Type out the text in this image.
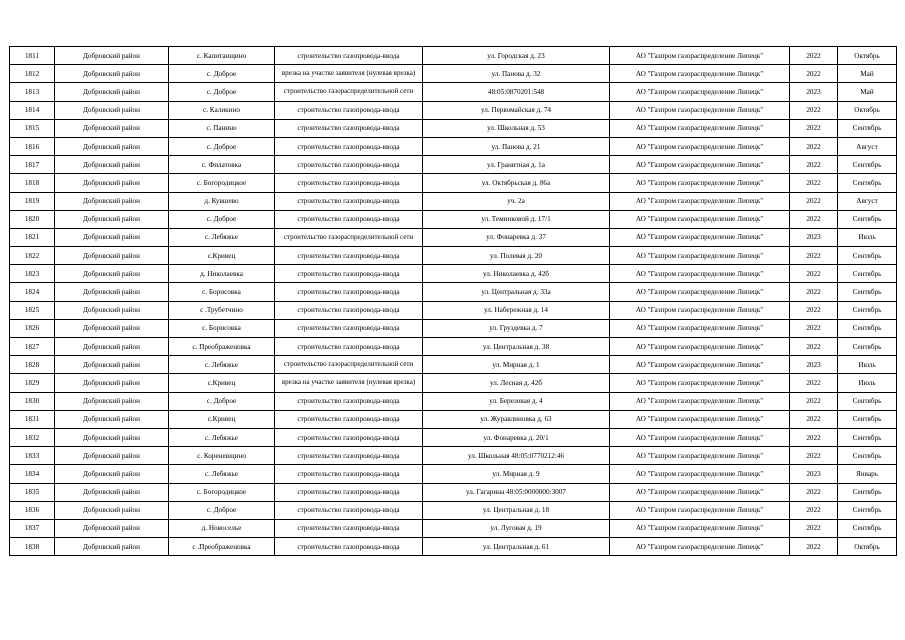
1811	Добровский район	с. Капитанщино	строительство газопровода-ввода	ул. Городская д. 23	АО "Газпром газораспределение Липецк"	2022	Октябрь
1812	Добровский район	с. Доброе	врезка на участке заявителя (нулевая врезка)	ул. Панова д. 32	АО "Газпром газораспределение Липецк"	2022	Май
1813	Добровский район	с. Доброе	строительство газораспределительной сети	48:05:0870201:548	АО "Газпром газораспределение Липецк"	2023	Май
1814	Добровский район	с. Каликино	строительство газопровода-ввода	ул. Первомайская д. 74	АО "Газпром газораспределение Липецк"	2022	Октябрь
1815	Добровский район	с. Панино	строительство газопровода-ввода	ул. Школьная д. 53	АО "Газпром газораспределение Липецк"	2022	Сентябрь
1816	Добровский район	с. Доброе	строительство газопровода-ввода	ул. Панова д. 21	АО "Газпром газораспределение Липецк"	2022	Август
1817	Добровский район	с. Филатовка	строительство газопровода-ввода	ул. Гранитная д. 1а	АО "Газпром газораспределение Липецк"	2022	Сентябрь
1818	Добровский район	с. Богородицкое	строительство газопровода-ввода	ул. Октябрьская д. 86а	АО "Газпром газораспределение Липецк"	2022	Сентябрь
1819	Добровский район	д. Кувшево	строительство газопровода-ввода	уч. 2а	АО "Газпром газораспределение Липецк"	2022	Август
1820	Добровский район	с. Доброе	строительство газопровода-ввода	ул. Теминковой д. 17/1	АО "Газпром газораспределение Липецк"	2022	Сентябрь
1821	Добровский район	с. Лебяжье	строительство газораспределительной сети	ул. Фонаревка д. 37	АО "Газпром газораспределение Липецк"	2023	Июль
1822	Добровский район	с.Кривец	строительство газопровода-ввода	ул. Полевая д. 20	АО "Газпром газораспределение Липецк"	2022	Сентябрь
1823	Добровский район	д. Николаевка	строительство газопровода-ввода	ул. Николаевка д. 42б	АО "Газпром газораспределение Липецк"	2022	Сентябрь
1824	Добровский район	с. Борисовка	строительство газопровода-ввода	ул. Центральная д. 33а	АО "Газпром газораспределение Липецк"	2022	Сентябрь
1825	Добровский район	с .Трубетчино	строительство газопровода-ввода	ул. Набережная д. 14	АО "Газпром газораспределение Липецк"	2022	Сентябрь
1826	Добровский район	с. Борисовка	строительство газопровода-ввода	ул. Груздевка д. 7	АО "Газпром газораспределение Липецк"	2022	Сентябрь
1827	Добровский район	с. Преображеновка	строительство газопровода-ввода	ул. Центральная д. 38	АО "Газпром газораспределение Липецк"	2022	Сентябрь
1828	Добровский район	с. Лебяжье	строительство газораспределительной сети	ул. Мирная д. 1	АО "Газпром газораспределение Липецк"	2023	Июль
1829	Добровский район	с.Кривец	врезка на участке заявителя (нулевая врезка)	ул. Лесная д. 42б	АО "Газпром газораспределение Липецк"	2022	Июль
1830	Добровский район	с. Доброе	строительство газопровода-ввода	ул. Березовая д. 4	АО "Газпром газораспределение Липецк"	2022	Сентябрь
1831	Добровский район	с.Кривец	строительство газопровода-ввода	ул. Журавлиновка д. 63	АО "Газпром газораспределение Липецк"	2022	Сентябрь
1832	Добровский район	с. Лебяжье	строительство газопровода-ввода	ул. Фонаревка д. 20/1	АО "Газпром газораспределение Липецк"	2022	Сентябрь
1833	Добровский район	с. Кореневщино	строительство газопровода-ввода	ул. Школьная 48:05:0770212:46	АО "Газпром газораспределение Липецк"	2022	Сентябрь
1834	Добровский район	с. Лебяжье	строительство газопровода-ввода	ул. Мирная д. 9	АО "Газпром газораспределение Липецк"	2023	Январь
1835	Добровский район	с. Богородицкое	строительство газопровода-ввода	ул. Гагарина 48:05:0000000:3007	АО "Газпром газораспределение Липецк"	2022	Сентябрь
1836	Добровский район	с. Доброе	строительство газопровода-ввода	ул. Центральная д. 18	АО "Газпром газораспределение Липецк"	2022	Сентябрь
1837	Добровский район	д. Новоселье	строительство газопровода-ввода	ул. Луговая д. 19	АО "Газпром газораспределение Липецк"	2022	Сентябрь
1838	Добровский район	с .Преображеновка	строительство газопровода-ввода	ул. Центральная д. 61	АО "Газпром газораспределение Липецк"	2022	Октябрь
